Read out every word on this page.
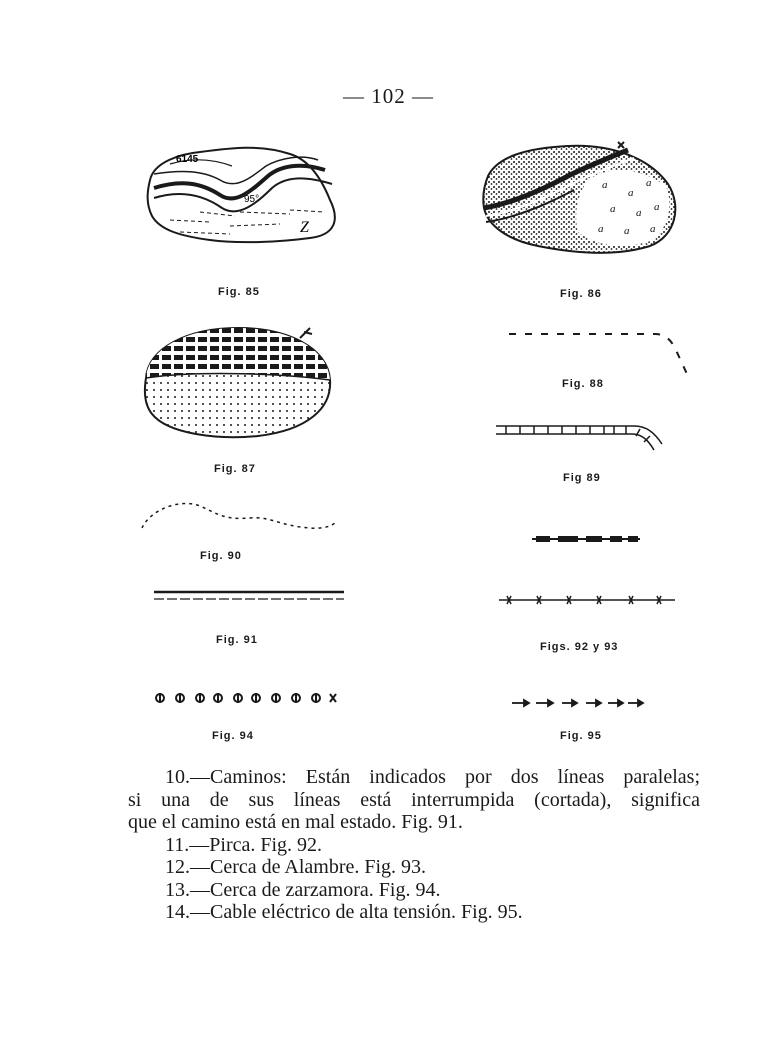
— 102 —
6145
95°
Z
Fig. 85
a
a
a
a a a
a a a
Fig. 86
Fig. 87
Fig. 88
Fig 89
Fig. 90
Fig. 91
Figs. 92 y 93
Fig. 94	Fig. 95

10.—Caminos: Están indicados por dos líneas paralelas;

si una de sus líneas está interrumpida (cortada), significa

que el camino está en mal estado. Fig. 91.

11.—Pirca. Fig. 92.

12.—Cerca de Alambre. Fig. 93.

13.—Cerca de zarzamora. Fig. 94.

14.—Cable eléctrico de alta tensión. Fig. 95.
